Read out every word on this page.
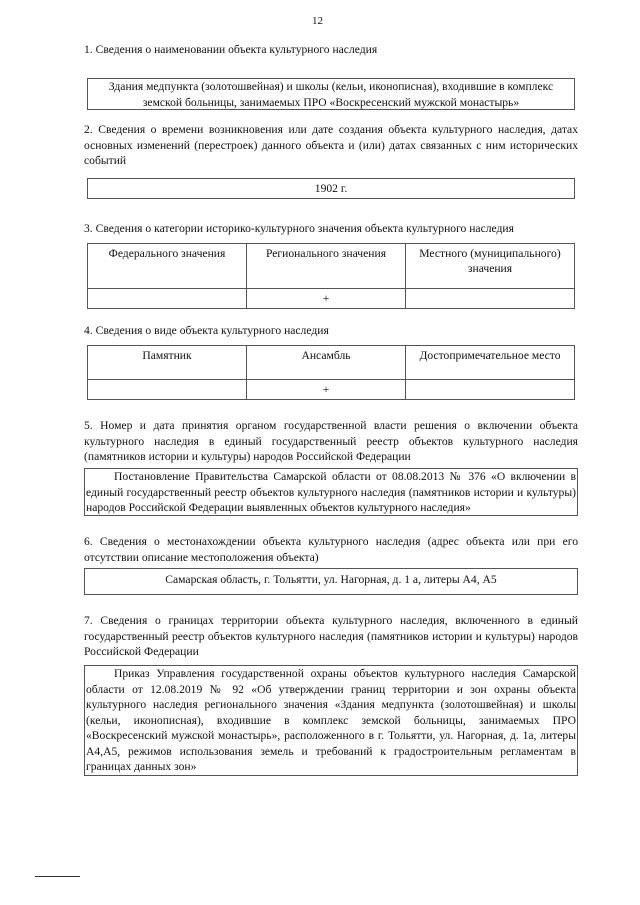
12
1. Сведения о наименовании объекта культурного наследия
Здания медпункта (золотошвейная) и школы (кельи, иконописная), входившие в комплекс земской больницы, занимаемых ПРО «Воскресенский мужской монастырь»
2. Сведения о времени возникновения или дате создания объекта культурного наследия, датах основных изменений (перестроек) данного объекта и (или) датах связанных с ним исторических событий
1902 г.
3. Сведения о категории историко-культурного значения объекта культурного наследия
Федерального значения	Регионального значения	Местного (муниципального) значения
	+	
4. Сведения о виде объекта культурного наследия
Памятник	Ансамбль	Достопримечательное место
	+	
5. Номер и дата принятия органом государственной власти решения о включении объекта культурного наследия в единый государственный реестр объектов культурного наследия (памятников истории и культуры) народов Российской Федерации
Постановление Правительства Самарской области от 08.08.2013 № 376 «О включении в единый государственный реестр объектов культурного наследия (памятников истории и культуры) народов Российской Федерации выявленных объектов культурного наследия»
6. Сведения о местонахождении объекта культурного наследия (адрес объекта или при его отсутствии описание местоположения объекта)
Самарская область, г. Тольятти, ул. Нагорная, д. 1 а, литеры А4, А5
7. Сведения о границах территории объекта культурного наследия, включенного в единый государственный реестр объектов культурного наследия (памятников истории и культуры) народов Российской Федерации
Приказ Управления государственной охраны объектов культурного наследия Самарской области от 12.08.2019 № 92 «Об утверждении границ территории и зон охраны объекта культурного наследия регионального значения «Здания медпункта (золотошвейная) и школы (кельи, иконописная), входившие в комплекс земской больницы, занимаемых ПРО «Воскресенский мужской монастырь», расположенного в г. Тольятти, ул. Нагорная, д. 1а, литеры А4,А5, режимов использования земель и требований к градостроительным регламентам в границах данных зон»
